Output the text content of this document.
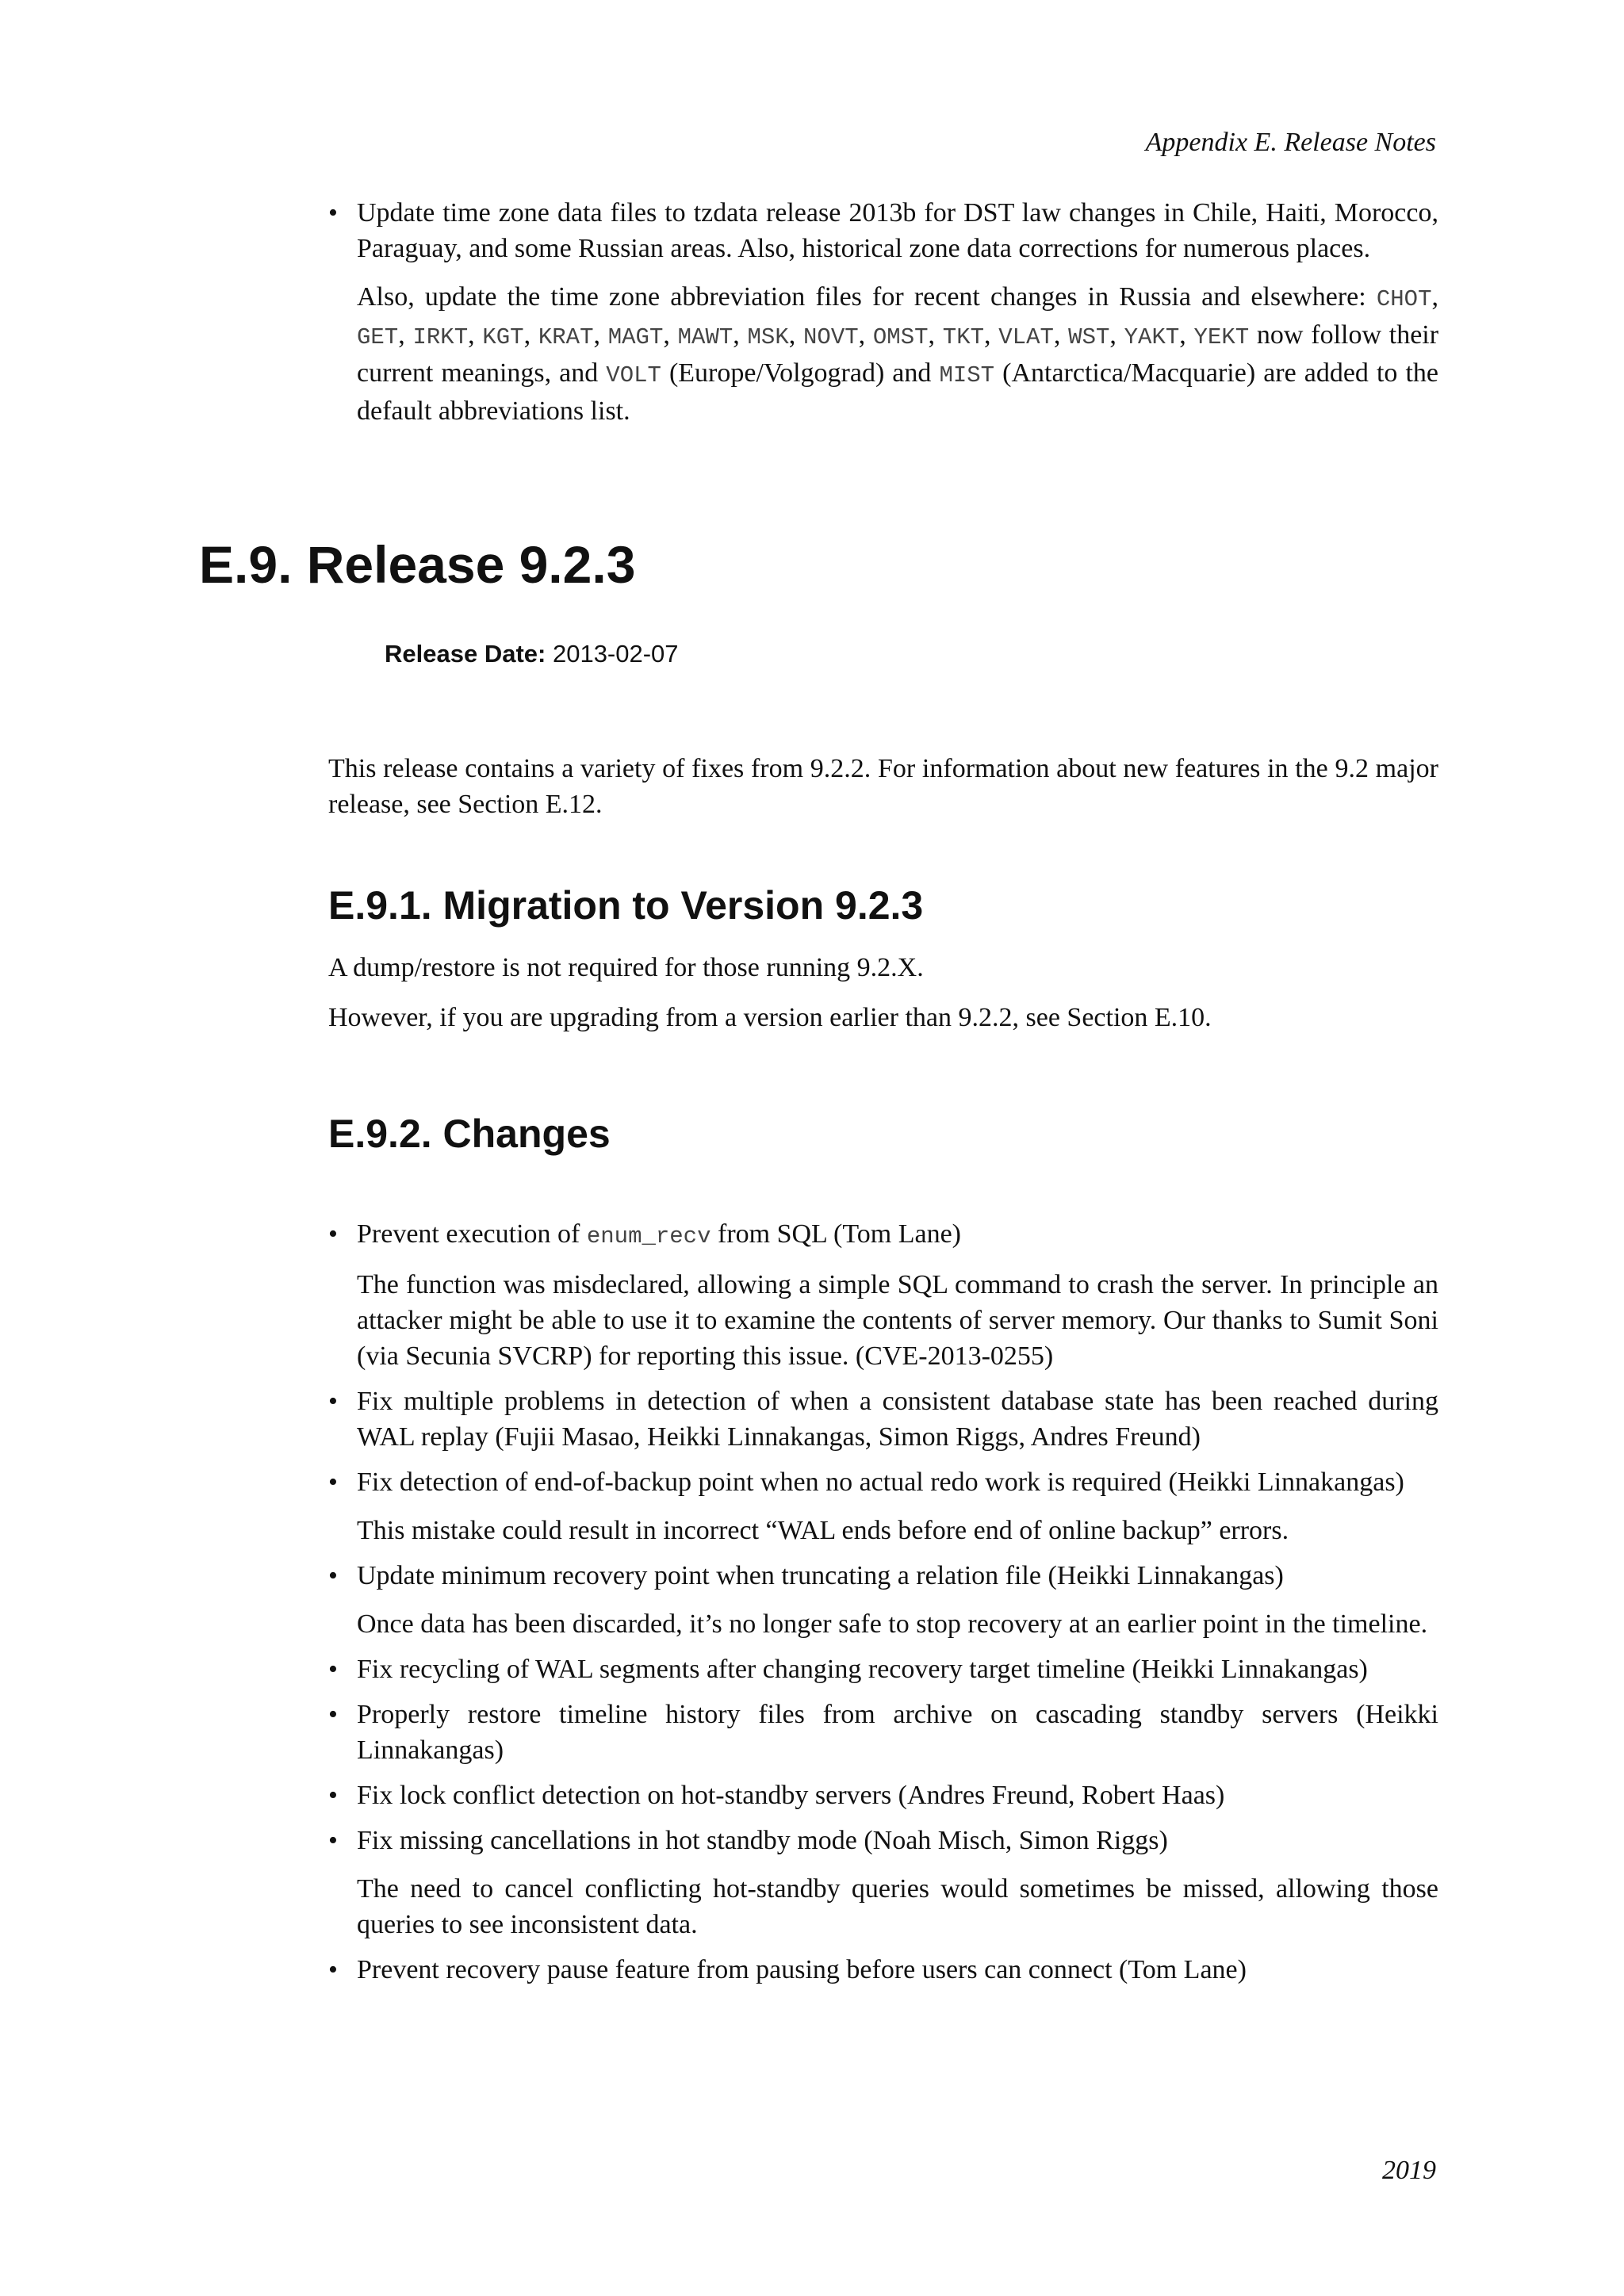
Appendix E. Release Notes
• Update time zone data files to tzdata release 2013b for DST law changes in Chile, Haiti, Morocco, Paraguay, and some Russian areas. Also, historical zone data corrections for numerous places.

Also, update the time zone abbreviation files for recent changes in Russia and elsewhere: CHOT, GET, IRKT, KGT, KRAT, MAGT, MAWT, MSK, NOVT, OMST, TKT, VLAT, WST, YAKT, YEKT now follow their current meanings, and VOLT (Europe/Volgograd) and MIST (Antarctica/Macquarie) are added to the default abbreviations list.

E.9. Release 9.2.3
Release Date: 2013-02-07

This release contains a variety of fixes from 9.2.2. For information about new features in the 9.2 major release, see Section E.12.

E.9.1. Migration to Version 9.2.3

A dump/restore is not required for those running 9.2.X.

However, if you are upgrading from a version earlier than 9.2.2, see Section E.10.

E.9.2. Changes
• Prevent execution of enum_recv from SQL (Tom Lane)

The function was misdeclared, allowing a simple SQL command to crash the server. In principle an attacker might be able to use it to examine the contents of server memory. Our thanks to Sumit Soni (via Secunia SVCRP) for reporting this issue. (CVE-2013-0255)

• Fix multiple problems in detection of when a consistent database state has been reached during WAL replay (Fujii Masao, Heikki Linnakangas, Simon Riggs, Andres Freund)

• Fix detection of end-of-backup point when no actual redo work is required (Heikki Linnakangas)

This mistake could result in incorrect “WAL ends before end of online backup” errors.

• Update minimum recovery point when truncating a relation file (Heikki Linnakangas)

Once data has been discarded, it’s no longer safe to stop recovery at an earlier point in the timeline.

• Fix recycling of WAL segments after changing recovery target timeline (Heikki Linnakangas)

• Properly restore timeline history files from archive on cascading standby servers (Heikki Linnakangas)

• Fix lock conflict detection on hot-standby servers (Andres Freund, Robert Haas)

• Fix missing cancellations in hot standby mode (Noah Misch, Simon Riggs)

The need to cancel conflicting hot-standby queries would sometimes be missed, allowing those queries to see inconsistent data.

• Prevent recovery pause feature from pausing before users can connect (Tom Lane)

2019
